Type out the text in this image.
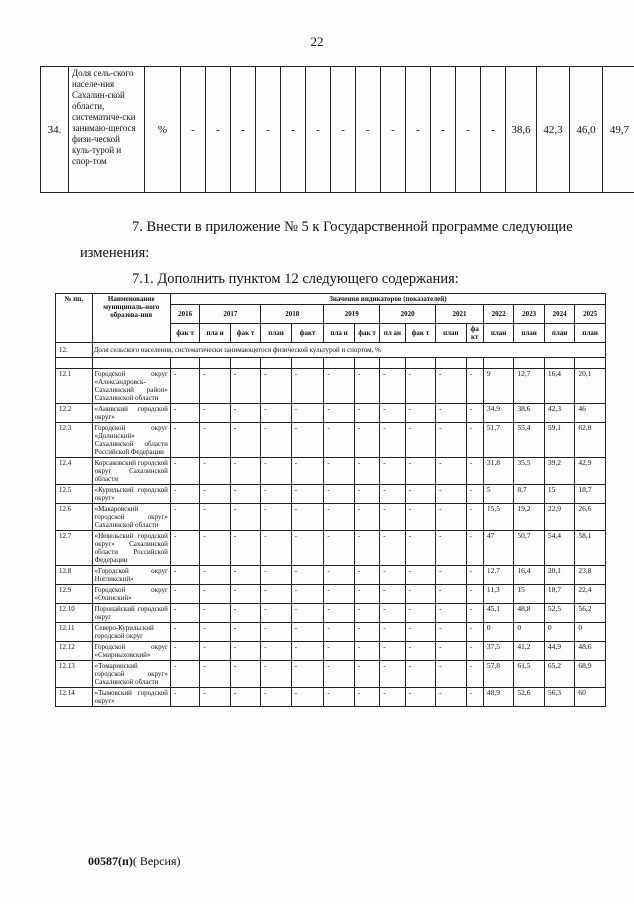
22
34.	Доля сель-ского населе-ния Сахалин-ской области, систематиче-ски занимаю-щегося физи-ческой куль-турой и спор-том	%	-	-	-	-	-	-	-	-	-	-	-	-	-	38,6	42,3	46,0	49,7
7. Внести в приложение № 5 к Государственной программе следующие
изменения:
7.1. Дополнить пунктом 12 следующего содержания:
№ пп.	Наименование муниципаль-ного образова-ния	Значения индикаторов (показателей)														
		2016	2017		2018		2019		2020		2021		2022	2023	2024	2025
		фак т	пла н	фак т	план	факт	пла н	фак т	пл ан	фак т	план	фа кт	план	план	план	план
12.	Доля сельского населения, систематически занимающегося физической культурой и спортом, %															

12.1	Городской округ «Александровск-Сахалинский район» Сахалинской области	-	-	-	-	-	-	-	-	-	-	-	9	12,7	16,4	20,1
12.2	«Анивский городской округ»	-	-	-	-	-	-	-	-	-	-	-	34,9	38,6	42,3	46
12.3	Городской округ «Долинский» Сахалинской области Российской Федерации	-	-	-	-	-	-	-	-	-	-	-	51,7	55,4	59,1	62,8
12.4	Корсаковский городской округ Сахалинской области	-	-	-	-	-	-	-	-	-	-	-	31,8	35,5	39,2	42,9
12.5	«Курильский городской округ»	-	-	-	-	-	-	-	-	-	-	-	5	8,7	15	18,7
12.6	«Макаровский городской округ» Сахалинской области	-	-	-	-	-	-	-	-	-	-	-	15,5	19,2	22,9	26,6
12.7	«Невельский городской округ» Сахалинской области Российской Федерации	-	-	-	-	-	-	-	-	-	-	-	47	50,7	54,4	58,1
12.8	«Городской округ Ногликский»	-	-	-	-	-	-	-	-	-	-	-	12,7	16,4	20,1	23,8
12.9	Городской округ «Охинский»	-	-	-	-	-	-	-	-	-	-	-	11,3	15	18,7	22,4
12.10	Поронайский городской округ	-	-	-	-	-	-	-	-	-	-	-	45,1	48,8	52,5	56,2
12.11	Северо-Курильский городской округ	-	-	-	-	-	-	-	-	-	-	-	0	0	0	0
12.12	Городской округ «Смирныховский»	-	-	-	-	-	-	-	-	-	-	-	37,5	41,2	44,9	48,6
12.13	«Томаринский городской округ» Сахалинской области	-	-	-	-	-	-	-	-	-	-	-	57,8	61,5	65,2	68,9
12.14	«Тымовский городской округ»	-	-	-	-	-	-	-	-	-	-	-	48,9	52,6	56,3	60
00587(п)( Версия)
